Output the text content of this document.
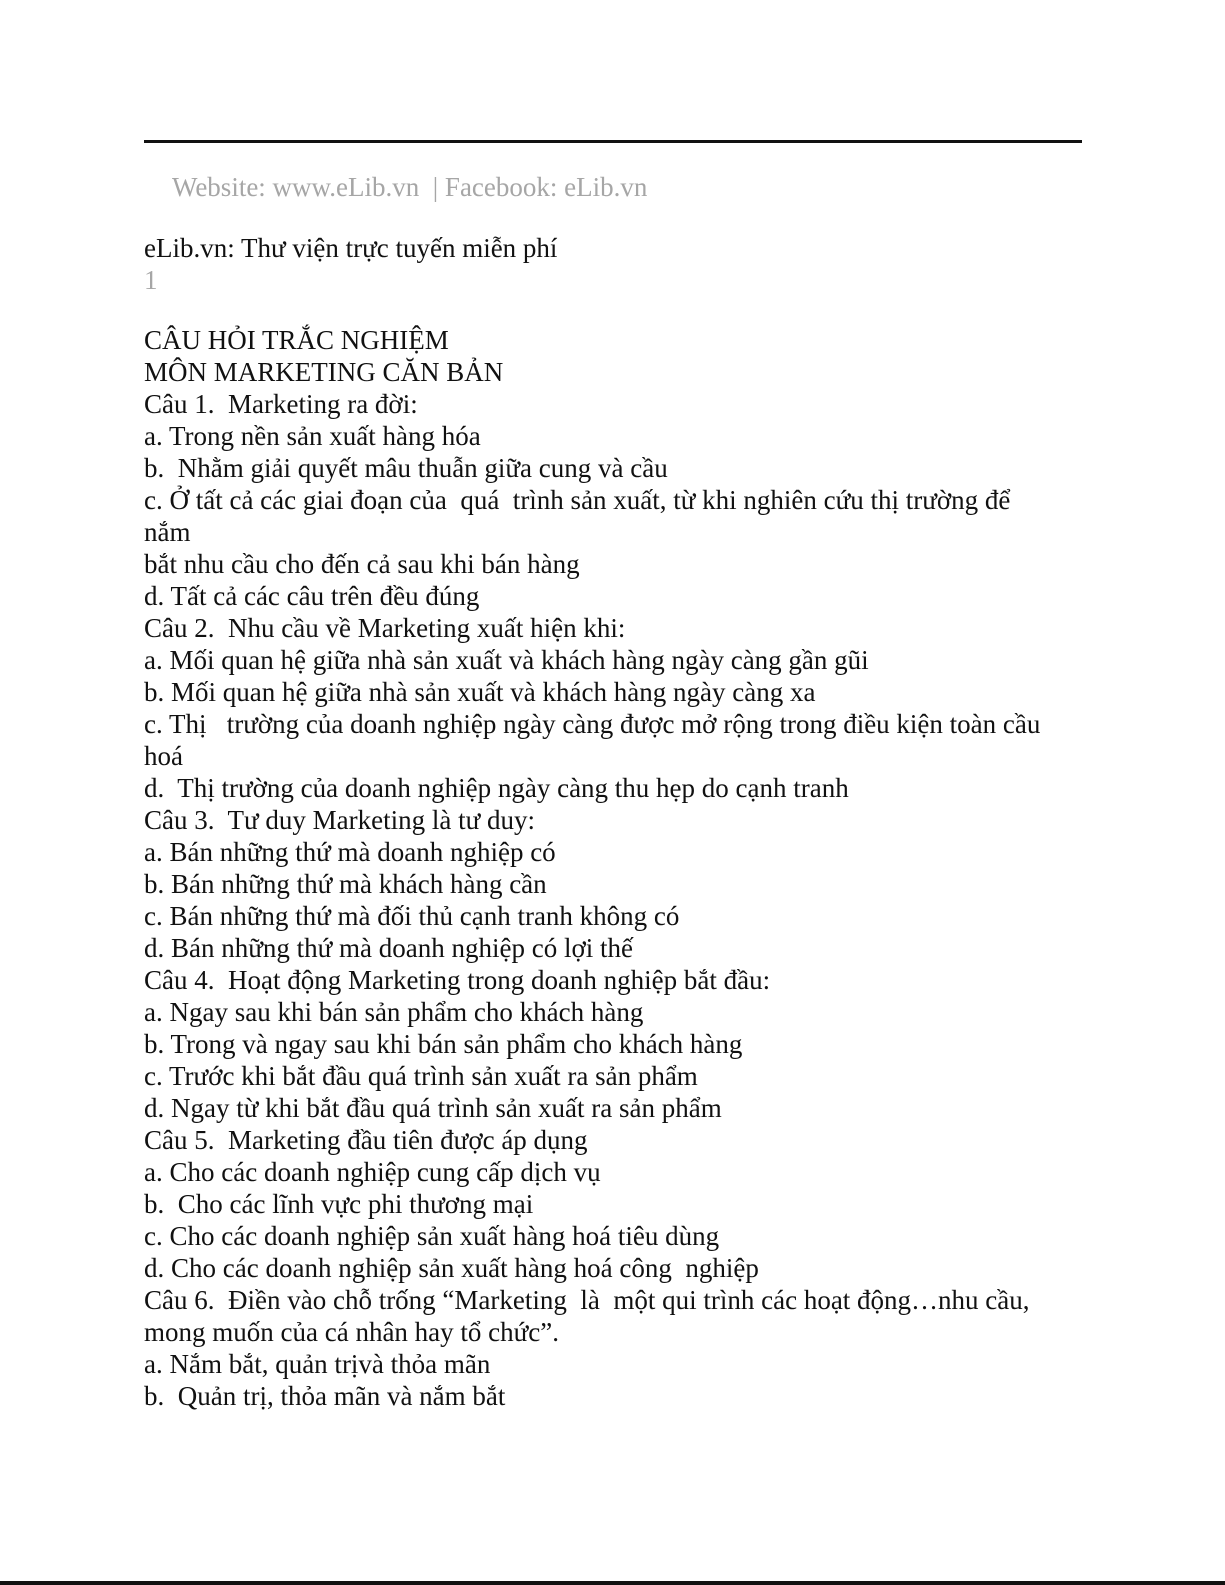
Website: www.eLib.vn  | Facebook: eLib.vn
eLib.vn: Thư viện trực tuyến miễn phí
1
CÂU HỎI TRẮC NGHIỆM
MÔN MARKETING CĂN BẢN
Câu 1.  Marketing ra đời:
a. Trong nền sản xuất hàng hóa
b.  Nhằm giải quyết mâu thuẫn giữa cung và cầu
c. Ở tất cả các giai đoạn của  quá  trình sản xuất, từ khi nghiên cứu thị trường để
nắm
bắt nhu cầu cho đến cả sau khi bán hàng
d. Tất cả các câu trên đều đúng
Câu 2.  Nhu cầu về Marketing xuất hiện khi:
a. Mối quan hệ giữa nhà sản xuất và khách hàng ngày càng gần gũi
b. Mối quan hệ giữa nhà sản xuất và khách hàng ngày càng xa
c. Thị   trường của doanh nghiệp ngày càng được mở rộng trong điều kiện toàn cầu
hoá
d.  Thị trường của doanh nghiệp ngày càng thu hẹp do cạnh tranh
Câu 3.  Tư duy Marketing là tư duy:
a. Bán những thứ mà doanh nghiệp có
b. Bán những thứ mà khách hàng cần
c. Bán những thứ mà đối thủ cạnh tranh không có
d. Bán những thứ mà doanh nghiệp có lợi thế
Câu 4.  Hoạt động Marketing trong doanh nghiệp bắt đầu:
a. Ngay sau khi bán sản phẩm cho khách hàng
b. Trong và ngay sau khi bán sản phẩm cho khách hàng
c. Trước khi bắt đầu quá trình sản xuất ra sản phẩm
d. Ngay từ khi bắt đầu quá trình sản xuất ra sản phẩm
Câu 5.  Marketing đầu tiên được áp dụng
a. Cho các doanh nghiệp cung cấp dịch vụ
b.  Cho các lĩnh vực phi thương mại
c. Cho các doanh nghiệp sản xuất hàng hoá tiêu dùng
d. Cho các doanh nghiệp sản xuất hàng hoá công  nghiệp
Câu 6.  Điền vào chỗ trống “Marketing  là  một qui trình các hoạt động…nhu cầu,
mong muốn của cá nhân hay tổ chức”.
a. Nắm bắt, quản trịvà thỏa mãn
b.  Quản trị, thỏa mãn và nắm bắt
